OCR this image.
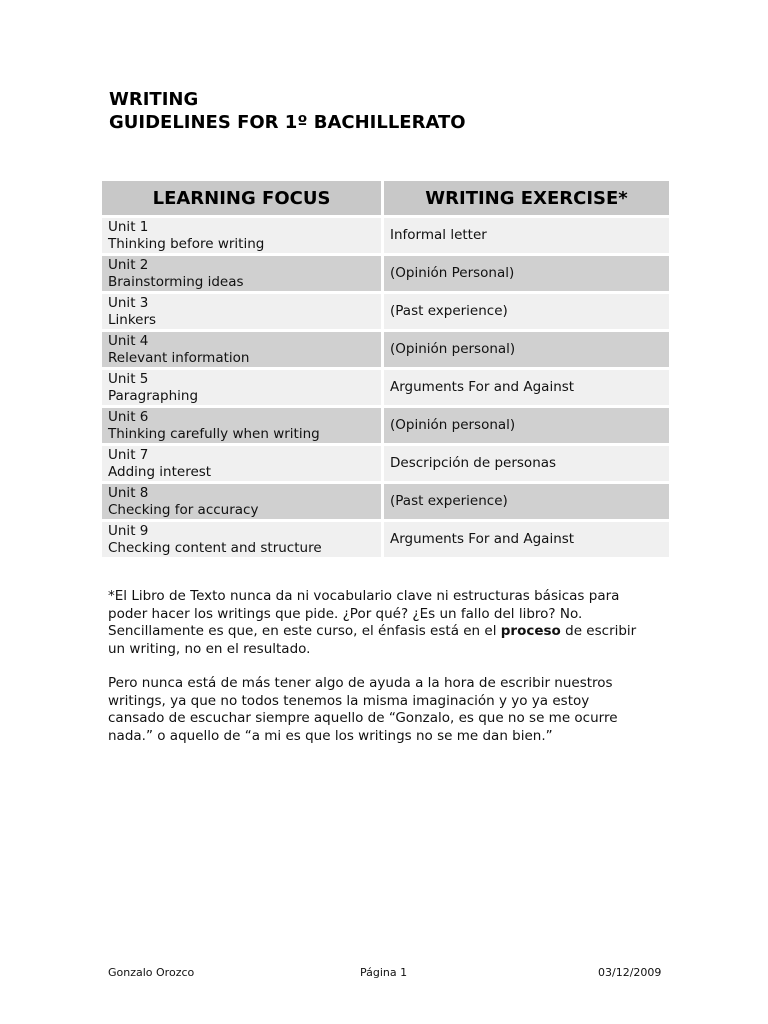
WRITING
GUIDELINES FOR 1º BACHILLERATO
LEARNING FOCUS	WRITING EXERCISE*

Unit 1
Thinking before writing	Informal letter

Unit 2
Brainstorming ideas	(Opinión Personal)

Unit 3
Linkers	(Past experience)

Unit 4
Relevant information	(Opinión personal)

Unit 5
Paragraphing	Arguments For and Against

Unit 6
Thinking carefully when writing	(Opinión personal)

Unit 7
Adding interest	Descripción de personas

Unit 8
Checking for accuracy	(Past experience)

Unit 9
Checking content and structure	Arguments For and Against

*El Libro de Texto nunca da ni vocabulario clave ni estructuras básicas para poder hacer los writings que pide. ¿Por qué? ¿Es un fallo del libro? No. Sencillamente es que, en este curso, el énfasis está en el proceso de escribir un writing, no en el resultado.

Pero nunca está de más tener algo de ayuda a la hora de escribir nuestros writings, ya que no todos tenemos la misma imaginación y yo ya estoy cansado de escuchar siempre aquello de “Gonzalo, es que no se me ocurre nada.” o aquello de “a mi es que los writings no se me dan bien.”

Gonzalo Orozco	Página 1	03/12/2009
